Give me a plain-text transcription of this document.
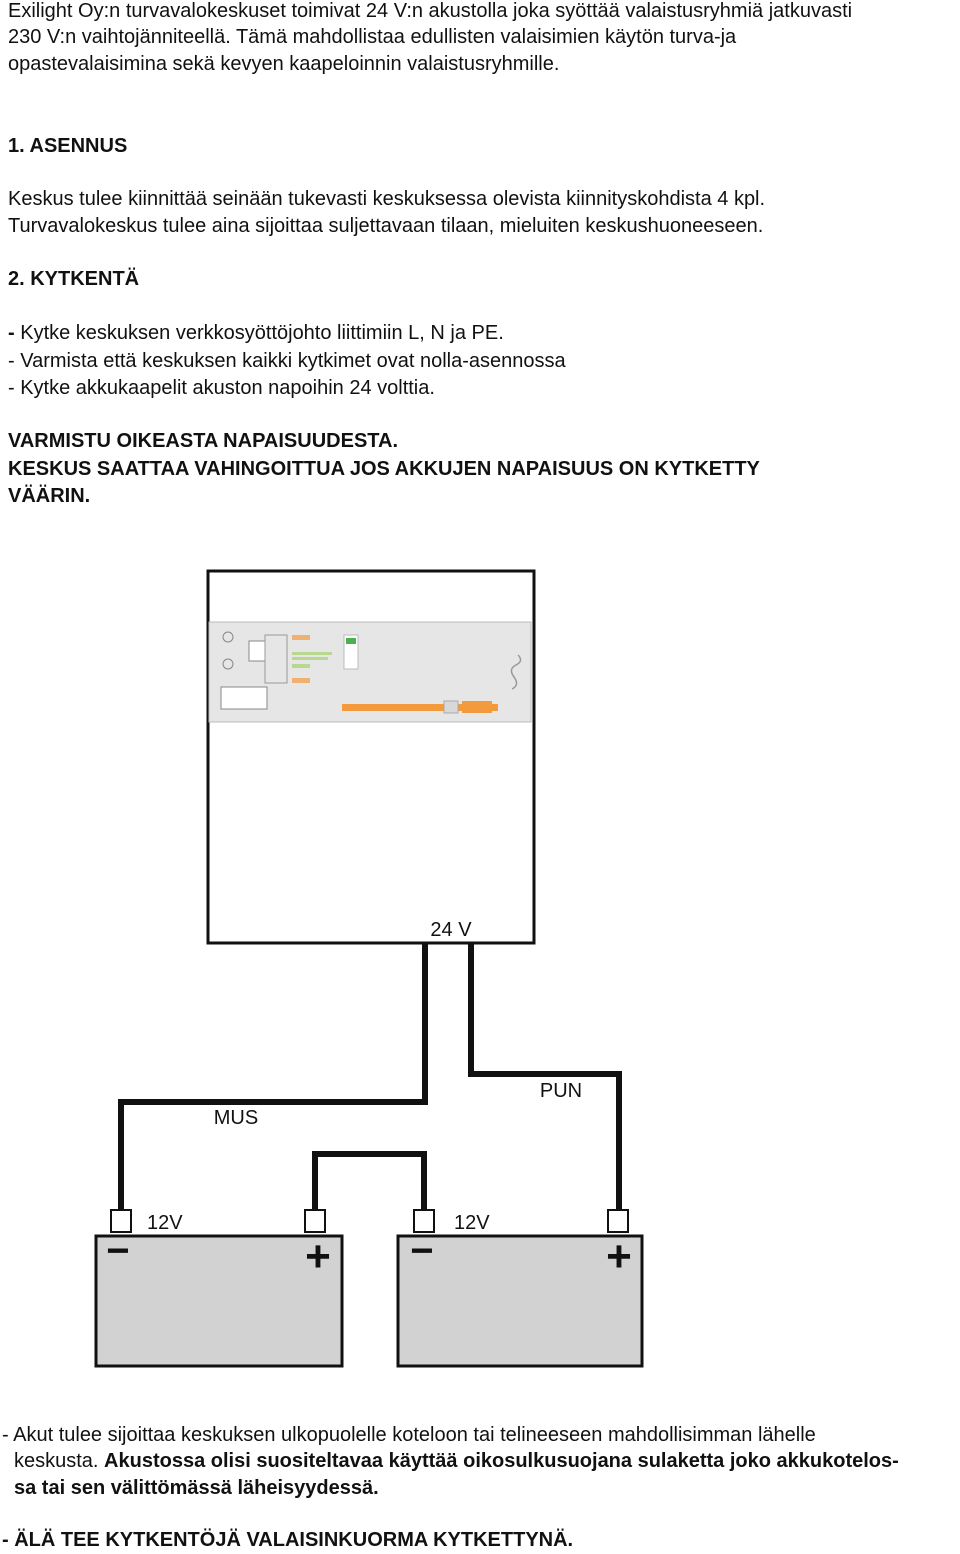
Exilight Oy:n turvavalokeskuset toimivat 24 V:n akustolla joka syöttää valaistusryhmiä jatkuvasti
230 V:n vaihtojänniteellä. Tämä mahdollistaa edullisten valaisimien käytön turva-ja
opastevalaisimina sekä kevyen kaapeloinnin valaistusryhmille.
1. ASENNUS
Keskus tulee kiinnittää seinään tukevasti keskuksessa olevista kiinnityskohdista 4 kpl.
Turvavalokeskus tulee aina sijoittaa suljettavaan tilaan, mieluiten keskushuoneeseen.
2. KYTKENTÄ
- Kytke keskuksen verkkosyöttöjohto liittimiin L, N ja PE.
- Varmista että keskuksen kaikki kytkimet ovat nolla-asennossa
- Kytke akkukaapelit akuston napoihin 24 volttia.
VARMISTU OIKEASTA NAPAISUUDESTA.
KESKUS SAATTAA VAHINGOITTUA JOS AKKUJEN NAPAISUUS ON KYTKETTY
VÄÄRIN.
24 V
MUS
PUN
12V
−	+
12V
−	+
- Akut tulee sijoittaa keskuksen ulkopuolelle koteloon tai telineeseen mahdollisimman lähelle
keskusta. Akustossa olisi suositeltavaa käyttää oikosulkusuojana sulaketta joko akkukotelos-
sa tai sen välittömässä läheisyydessä.
- ÄLÄ TEE KYTKENTÖJÄ VALAISINKUORMA KYTKETTYNÄ.
